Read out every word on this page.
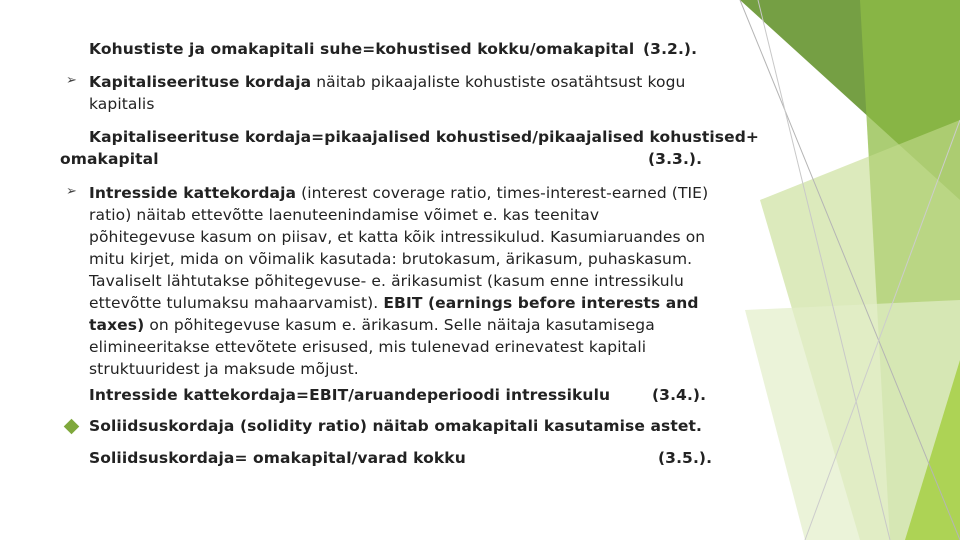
Kohustiste ja omakapitali suhe=kohustised kokku/omakapital (3.2.).
➢ Kapitaliseerituse kordaja näitab pikaajaliste kohustiste osatähtsust kogu
kapitalis
Kapitaliseerituse kordaja=pikaajalised kohustised/pikaajalised kohustised+
omakapital	(3.3.).
➢ Intresside kattekordaja (interest coverage ratio, times-interest-earned (TIE)
ratio) näitab ettevõtte laenuteenindamise võimet e. kas teenitav
põhitegevuse kasum on piisav, et katta kõik intressikulud. Kasumiaruandes on
mitu kirjet, mida on võimalik kasutada: brutokasum, ärikasum, puhaskasum.
Tavaliselt lähtutakse põhitegevuse- e. ärikasumist (kasum enne intressikulu
ettevõtte tulumaksu mahaarvamist). EBIT (earnings before interests and
taxes) on põhitegevuse kasum e. ärikasum. Selle näitaja kasutamisega
elimineeritakse ettevõtete erisused, mis tulenevad erinevatest kapitali
struktuuridest ja maksude mõjust.
Intresside kattekordaja=EBIT/aruandeperioodi intressikulu	(3.4.).
Soliidsuskordaja (solidity ratio) näitab omakapitali kasutamise astet.
Soliidsuskordaja= omakapital/varad kokku	(3.5.).
